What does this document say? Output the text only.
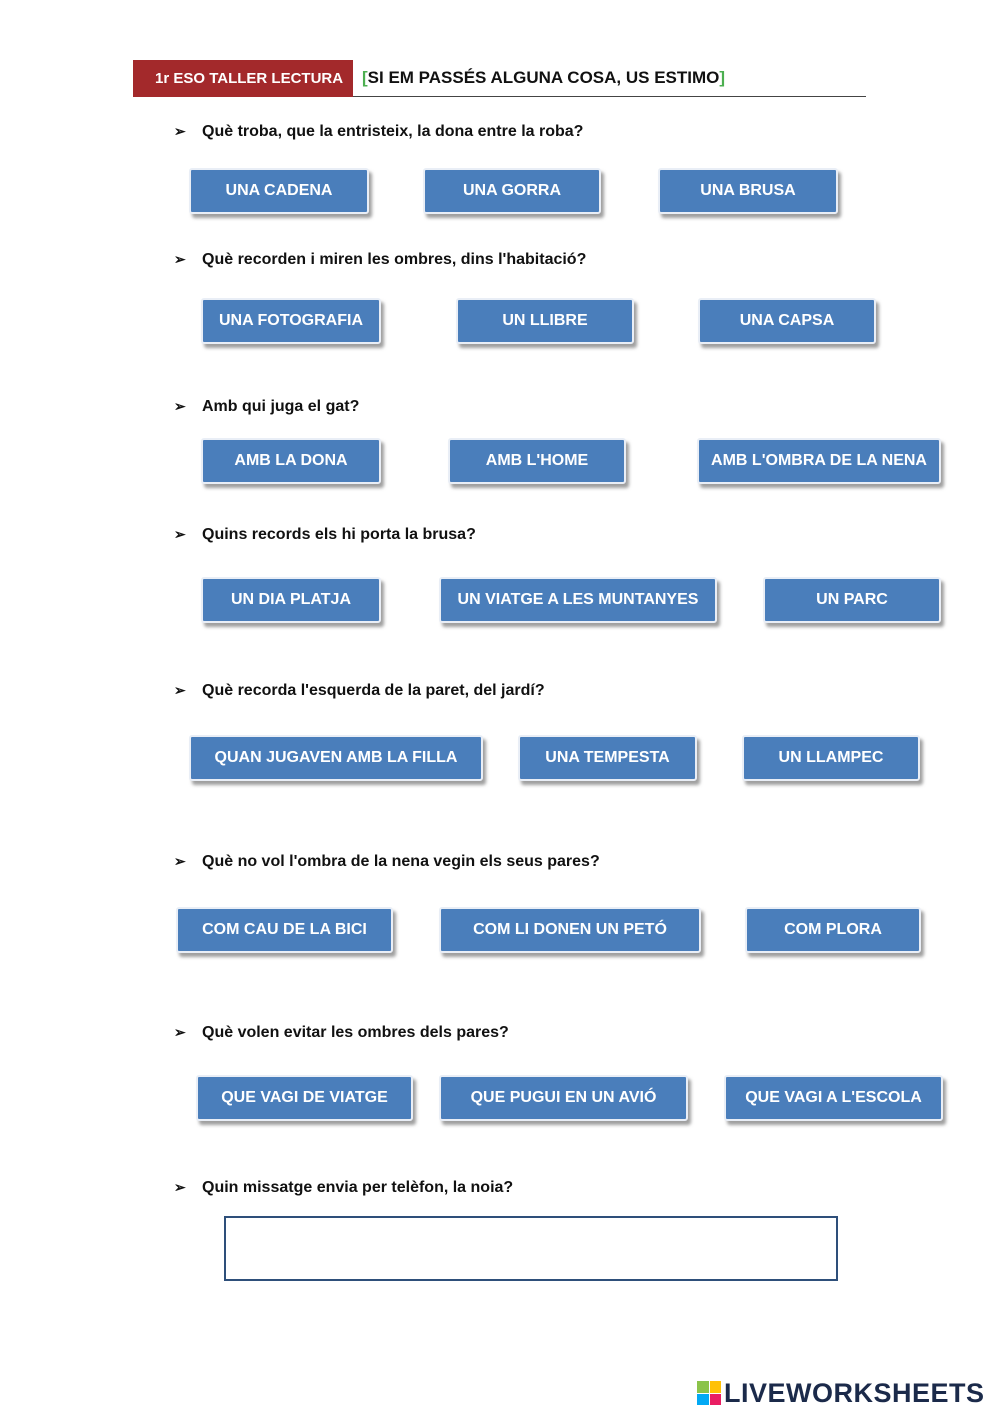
1r ESO TALLER LECTURA	[SI EM PASSÉS ALGUNA COSA, US ESTIMO]
➢ Què troba, que la entristeix, la dona entre la roba?
UNA CADENA	UNA GORRA	UNA BRUSA
➢ Què recorden i miren les ombres, dins l'habitació?
UNA FOTOGRAFIA	UN LLIBRE	UNA CAPSA
➢ Amb qui juga el gat?
AMB LA DONA	AMB L'HOME	AMB L'OMBRA DE LA NENA
➢ Quins records els hi porta la brusa?
UN DIA PLATJA	UN VIATGE A LES MUNTANYES	UN PARC
➢ Què recorda l'esquerda de la paret, del jardí?
QUAN JUGAVEN AMB LA FILLA	UNA TEMPESTA	UN LLAMPEC
➢ Què no vol l'ombra de la nena vegin els seus pares?
COM CAU DE LA BICI	COM LI DONEN UN PETÓ	COM PLORA
➢ Què volen evitar les ombres dels pares?
QUE VAGI DE VIATGE	QUE PUGUI EN UN AVIÓ	QUE VAGI A L'ESCOLA
➢ Quin missatge envia per telèfon, la noia?
LIVEWORKSHEETS
